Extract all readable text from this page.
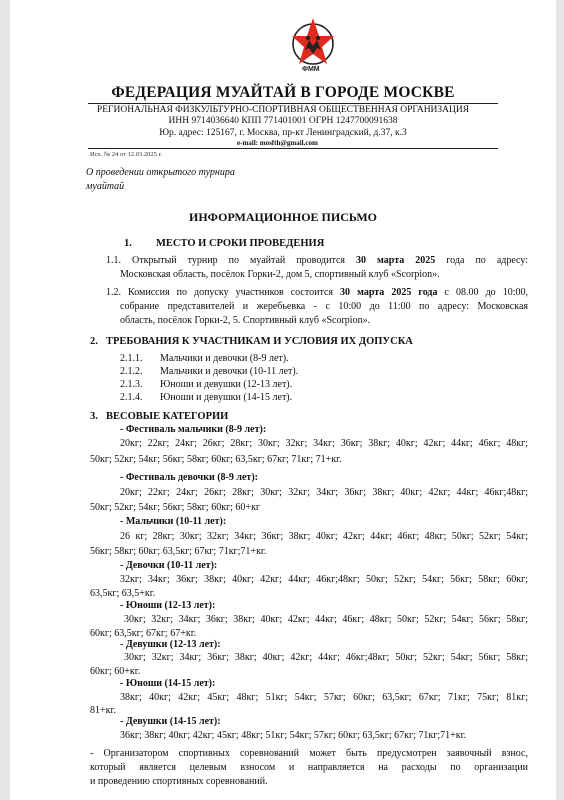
ФММ
ФЕДЕРАЦИЯ МУАЙТАЙ В ГОРОДЕ МОСКВЕ
РЕГИОНАЛЬНАЯ ФИЗКУЛЬТУРНО-СПОРТИВНАЯ ОБЩЕСТВЕННАЯ ОРГАНИЗАЦИЯ
ИНН 9714036640 КПП 771401001 ОГРН 1247700091638
Юр. адрес: 125167, г. Москва, пр-кт Ленинградский, д.37, к.3
e-mail: mosfth@gmail.com
Исх. № 24 от 12.03.2025 г.
О проведении открытого турнира
муайтай
ИНФОРМАЦИОННОЕ ПИСЬМО
1. МЕСТО И СРОКИ ПРОВЕДЕНИЯ
1.1. Открытый турнир по муайтай проводится 30 марта 2025 года по адресу:
Московская область, посёлок Горки-2, дом 5, спортивный клуб «Scorpion».
1.2. Комиссия по допуску участников состоится 30 марта 2025 года с 08.00 до 10:00,
собрание представителей и жеребьевка - с 10:00 до 11:00 по адресу: Московская
область, посёлок Горки-2, 5. Спортивный клуб «Scorpion».
2. ТРЕБОВАНИЯ К УЧАСТНИКАМ И УСЛОВИЯ ИХ ДОПУСКА
2.1.1. Мальчики и девочки (8-9 лет).
2.1.2. Мальчики и девочки (10-11 лет).
2.1.3. Юноши и девушки (12-13 лет).
2.1.4. Юноши и девушки (14-15 лет).
3. ВЕСОВЫЕ КАТЕГОРИИ
- Фестиваль мальчики (8-9 лет):
20кг; 22кг; 24кг; 26кг; 28кг; 30кг; 32кг; 34кг; 36кг; 38кг; 40кг; 42кг; 44кг; 46кг; 48кг;
50кг; 52кг; 54кг; 56кг; 58кг; 60кг; 63,5кг; 67кг; 71кг; 71+кг.
- Фестиваль девочки (8-9 лет):
20кг; 22кг; 24кг; 26кг; 28кг; 30кг; 32кг; 34кг; 36кг; 38кг; 40кг; 42кг; 44кг; 46кг;48кг;
50кг; 52кг; 54кг; 56кг; 58кг; 60кг; 60+кг
- Мальчики (10-11 лет):
26 кг; 28кг; 30кг; 32кг; 34кг; 36кг; 38кг; 40кг; 42кг; 44кг; 46кг; 48кг; 50кг; 52кг; 54кг;
56кг; 58кг; 60кг; 63,5кг; 67кг; 71кг;71+кг.
- Девочки (10-11 лет):
32кг; 34кг; 36кг; 38кг; 40кг; 42кг; 44кг; 46кг;48кг; 50кг; 52кг; 54кг; 56кг; 58кг; 60кг;
63,5кг; 63,5+кг.
- Юноши (12-13 лет):
30кг; 32кг; 34кг; 36кг; 38кг; 40кг; 42кг; 44кг; 46кг; 48кг; 50кг; 52кг; 54кг; 56кг; 58кг;
60кг; 63,5кг; 67кг; 67+кг.
- Девушки (12-13 лет):
30кг; 32кг; 34кг; 36кг; 38кг; 40кг; 42кг; 44кг; 46кг;48кг; 50кг; 52кг; 54кг; 56кг; 58кг;
60кг; 60+кг.
- Юноши (14-15 лет):
38кг; 40кг; 42кг; 45кг; 48кг; 51кг; 54кг; 57кг; 60кг; 63,5кг; 67кг; 71кг; 75кг; 81кг;
81+кг.
- Девушки (14-15 лет):
36кг; 38кг; 40кг; 42кг; 45кг; 48кг; 51кг; 54кг; 57кг; 60кг; 63,5кг; 67кг; 71кг;71+кг.
- Организатором спортивных соревнований может быть предусмотрен заявочный взнос,
который является целевым взносом и направляется на расходы по организации
и проведению спортивных соревнований.
